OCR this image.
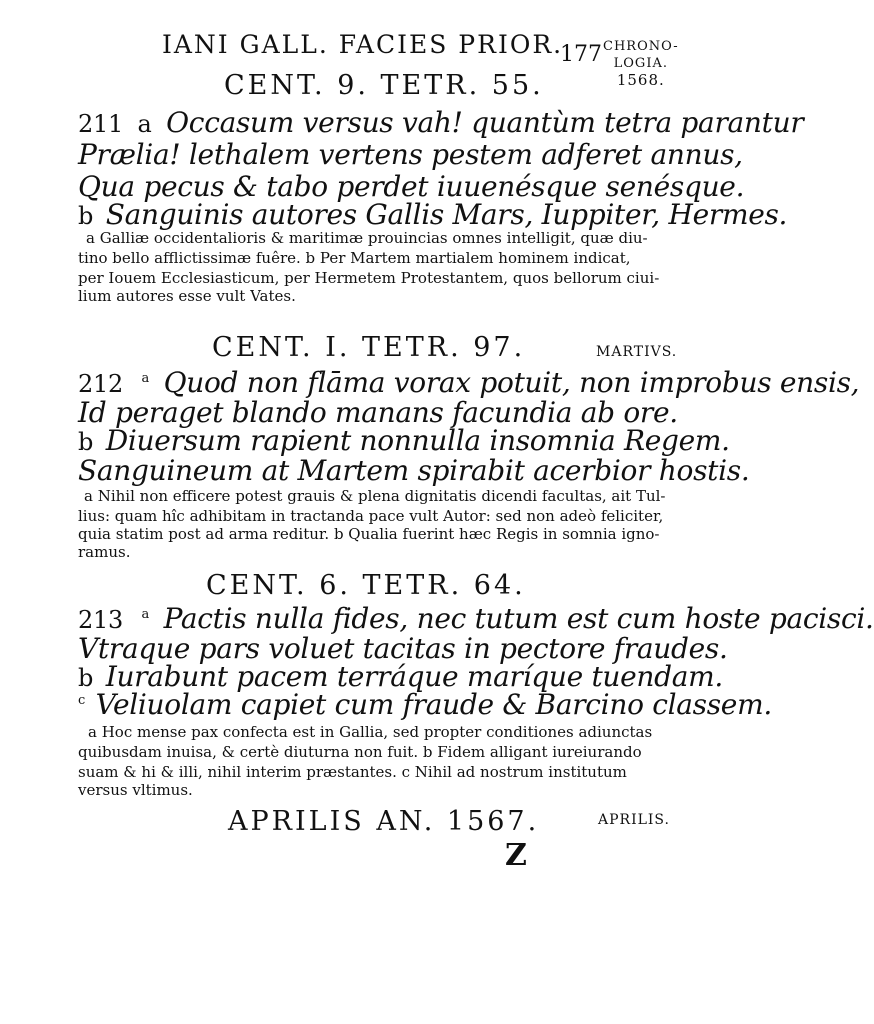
IANI GALL. FACIES PRIOR.
177 CHRONO-
LOGIA.
1568.
CENT. 9. TETR. 55.
211 a Occasum versus vah! quantùm tetra parantur
Prælia! lethalem vertens pestem adferet annus,
Qua pecus & tabo perdet iuuenésque senésque.
b Sanguinis autores Gallis Mars, Iuppiter, Hermes.
a Galliæ occidentalioris & maritimæ prouincias omnes intelligit, quæ diu-
tino bello afflictissimæ fuêre. b Per Martem martialem hominem indicat,
per Iouem Ecclesiasticum, per Hermetem Protestantem, quos bellorum ciui-
lium autores esse vult Vates.
CENT. I. TETR. 97.	MARTIVS.
212 $^a$ Quod non flāma vorax potuit, non improbus ensis,
Id peraget blando manans facundia ab ore.
b Diuersum rapient nonnulla insomnia Regem.
Sanguineum at Martem spirabit acerbior hostis.
a Nihil non efficere potest grauis & plena dignitatis dicendi facultas, ait Tul-
lius: quam hîc adhibitam in tractanda pace vult Autor: sed non adeò feliciter,
quia statim post ad arma reditur. b Qualia fuerint hæc Regis in somnia igno-
ramus.
CENT. 6. TETR. 64.
213 $^a$ Pactis nulla fides, nec tutum est cum hoste pacisci.
Vtraque pars voluet tacitas in pectore fraudes.
b Iurabunt pacem terráque maríque tuendam.
$^c$ Veliuolam capiet cum fraude & Barcino classem.
a Hoc mense pax confecta est in Gallia, sed propter conditiones adiunctas
quibusdam inuisa, & certè diuturna non fuit. b Fidem alligant iureiurando
suam & hi & illi, nihil interim præstantes. c Nihil ad nostrum institutum
versus vltimus.
APRILIS AN. 1567.	APRILIS.
Z
